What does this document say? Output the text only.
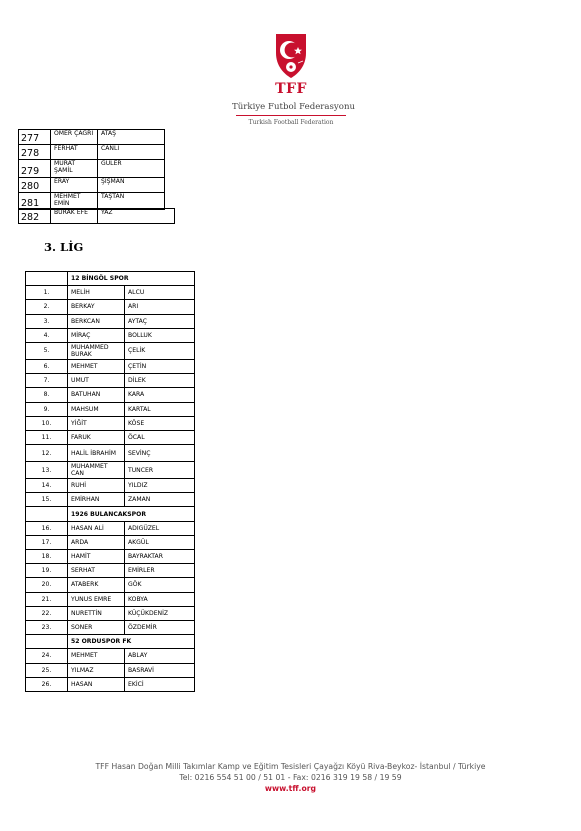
TFF
Türkiye Futbol Federasyonu
Turkish Football Federation
277	ÖMER ÇAĞRI	ATAŞ
278	FERHAT	CANLI
279	MURAT ŞAMİL	GÜLER
280	ERAY	ŞİŞMAN
281	MEHMET EMİN	TAŞTAN
282	BURAK EFE	YAZ
3. LİG
	12 BİNGÖL SPOR	
1.	MELİH	ALCU
2.	BERKAY	ARI
3.	BERKCAN	AYTAÇ
4.	MİRAÇ	BOLLUK
5.	MUHAMMED BURAK	ÇELİK
6.	MEHMET	ÇETİN
7.	UMUT	DİLEK
8.	BATUHAN	KARA
9.	MAHSUM	KARTAL
10.	YİĞİT	KÖSE
11.	FARUK	ÖCAL
12.	HALİL İBRAHİM	SEVİNÇ
13.	MUHAMMET CAN	TUNCER
14.	RUHİ	YILDIZ
15.	EMİRHAN	ZAMAN
	1926 BULANCAKSPOR	
16.	HASAN ALİ	ADIGÜZEL
17.	ARDA	AKGÜL
18.	HAMİT	BAYRAKTAR
19.	SERHAT	EMİRLER
20.	ATABERK	GÖK
21.	YUNUS EMRE	KOBYA
22.	NURETTİN	KÜÇÜKDENİZ
23.	SONER	ÖZDEMİR
	52 ORDUSPOR FK	
24.	MEHMET	ABLAY
25.	YILMAZ	BASRAVİ
26.	HASAN	EKİCİ
TFF Hasan Doğan Milli Takımlar Kamp ve Eğitim Tesisleri Çayağzı Köyü Riva-Beykoz- İstanbul / Türkiye
Tel: 0216 554 51 00 / 51 01 - Fax: 0216 319 19 58 / 19 59
www.tff.org
